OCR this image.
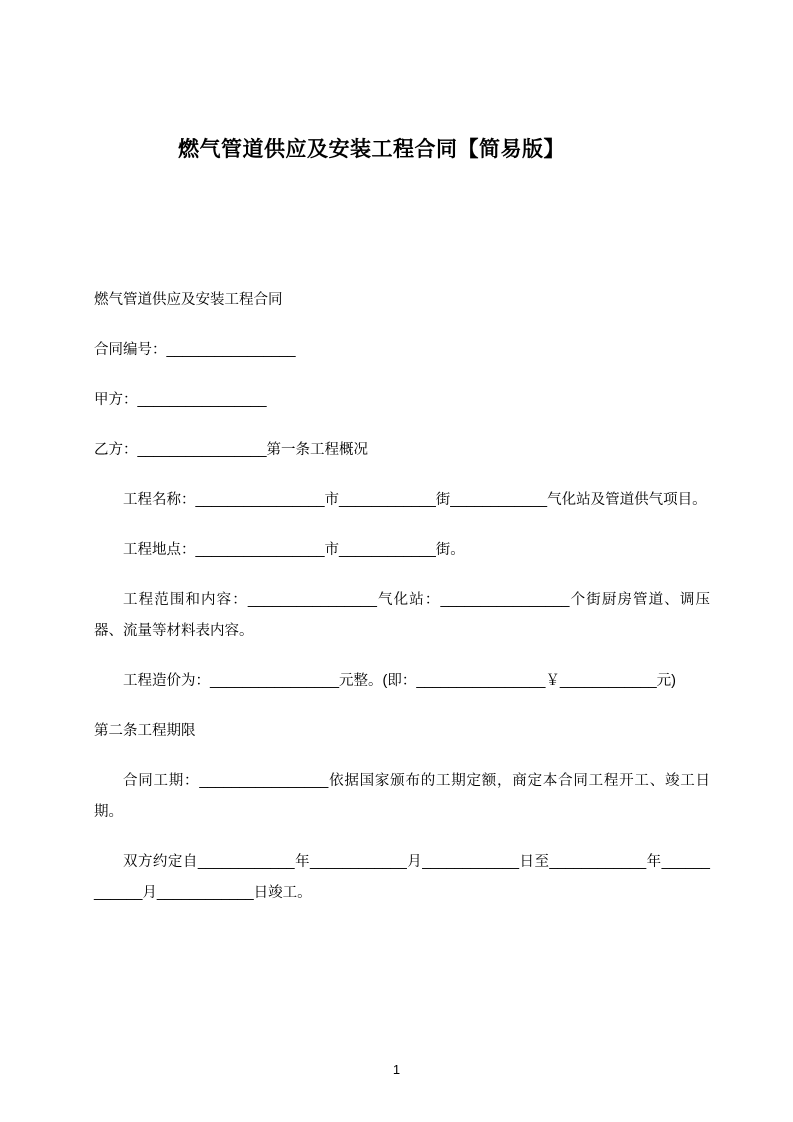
燃气管道供应及安装工程合同【简易版】

燃气管道供应及安装工程合同

合同编号：________________

甲方：________________

乙方：________________第一条工程概况

工程名称：________________市____________街____________气化站及管道供气项目。

工程地点：________________市____________街。

工程范围和内容：________________气化站：________________个街厨房管道、调压器、流量等材料表内容。

工程造价为：________________元整。(即：________________￥____________元)

第二条工程期限

合同工期：________________依据国家颁布的工期定额，商定本合同工程开工、竣工日期。

双方约定自____________年____________月____________日至____________年____________月____________日竣工。

1
